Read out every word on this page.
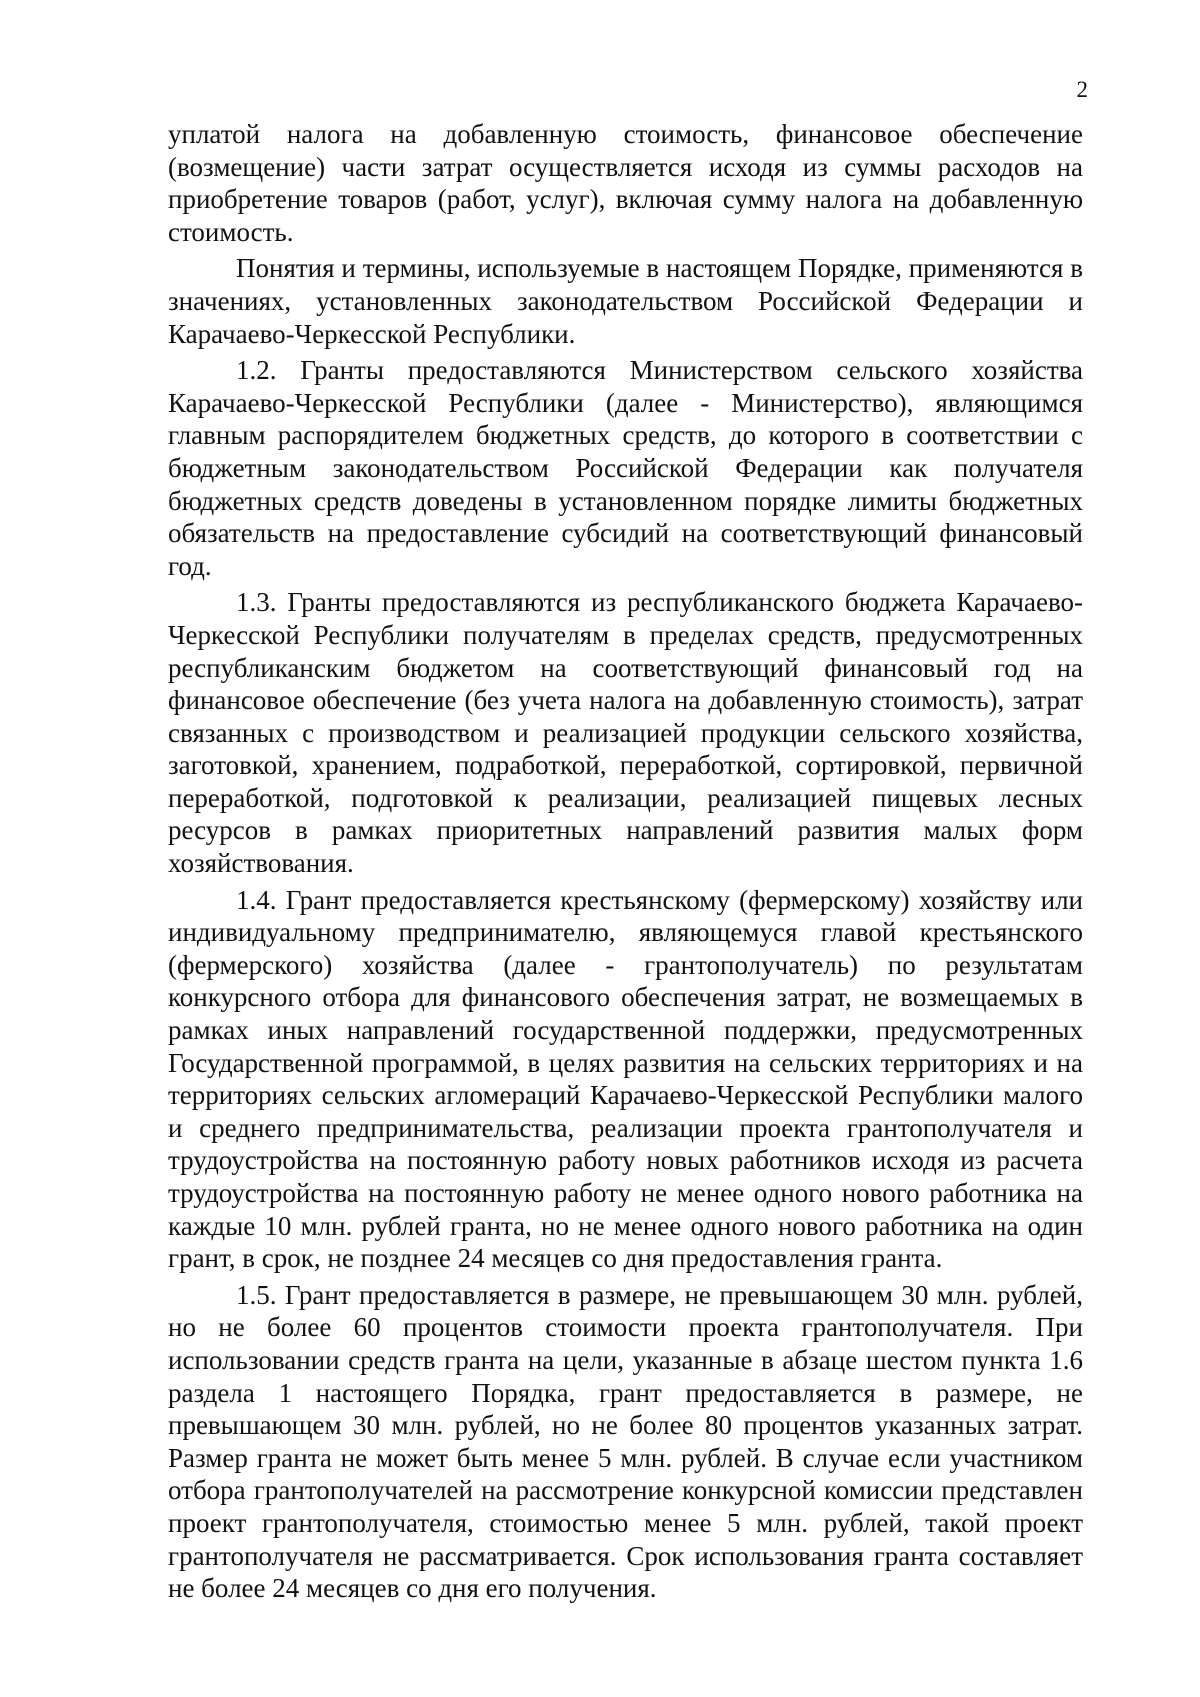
2

уплатой налога на добавленную стоимость, финансовое обеспечение (возмещение) части затрат осуществляется исходя из суммы расходов на приобретение товаров (работ, услуг), включая сумму налога на добавленную стоимость.

Понятия и термины, используемые в настоящем Порядке, применяются в значениях, установленных законодательством Российской Федерации и Карачаево-Черкесской Республики.

1.2. Гранты предоставляются Министерством сельского хозяйства Карачаево-Черкесской Республики (далее - Министерство), являющимся главным распорядителем бюджетных средств, до которого в соответствии с бюджетным законодательством Российской Федерации как получателя бюджетных средств доведены в установленном порядке лимиты бюджетных обязательств на предоставление субсидий на соответствующий финансовый год.

1.3. Гранты предоставляются из республиканского бюджета Карачаево-Черкесской Республики получателям в пределах средств, предусмотренных республиканским бюджетом на соответствующий финансовый год на финансовое обеспечение (без учета налога на добавленную стоимость), затрат связанных с производством и реализацией продукции сельского хозяйства, заготовкой, хранением, подработкой, переработкой, сортировкой, первичной переработкой, подготовкой к реализации, реализацией пищевых лесных ресурсов в рамках приоритетных направлений развития малых форм хозяйствования.

1.4. Грант предоставляется крестьянскому (фермерскому) хозяйству или индивидуальному предпринимателю, являющемуся главой крестьянского (фермерского) хозяйства (далее - грантополучатель) по результатам конкурсного отбора для финансового обеспечения затрат, не возмещаемых в рамках иных направлений государственной поддержки, предусмотренных Государственной программой, в целях развития на сельских территориях и на территориях сельских агломераций Карачаево-Черкесской Республики малого и среднего предпринимательства, реализации проекта грантополучателя и трудоустройства на постоянную работу новых работников исходя из расчета трудоустройства на постоянную работу не менее одного нового работника на каждые 10 млн. рублей гранта, но не менее одного нового работника на один грант, в срок, не позднее 24 месяцев со дня предоставления гранта.

1.5. Грант предоставляется в размере, не превышающем 30 млн. рублей, но не более 60 процентов стоимости проекта грантополучателя. При использовании средств гранта на цели, указанные в абзаце шестом пункта 1.6 раздела 1 настоящего Порядка, грант предоставляется в размере, не превышающем 30 млн. рублей, но не более 80 процентов указанных затрат. Размер гранта не может быть менее 5 млн. рублей. В случае если участником отбора грантополучателей на рассмотрение конкурсной комиссии представлен проект грантополучателя, стоимостью менее 5 млн. рублей, такой проект грантополучателя не рассматривается. Срок использования гранта составляет не более 24 месяцев со дня его получения.
